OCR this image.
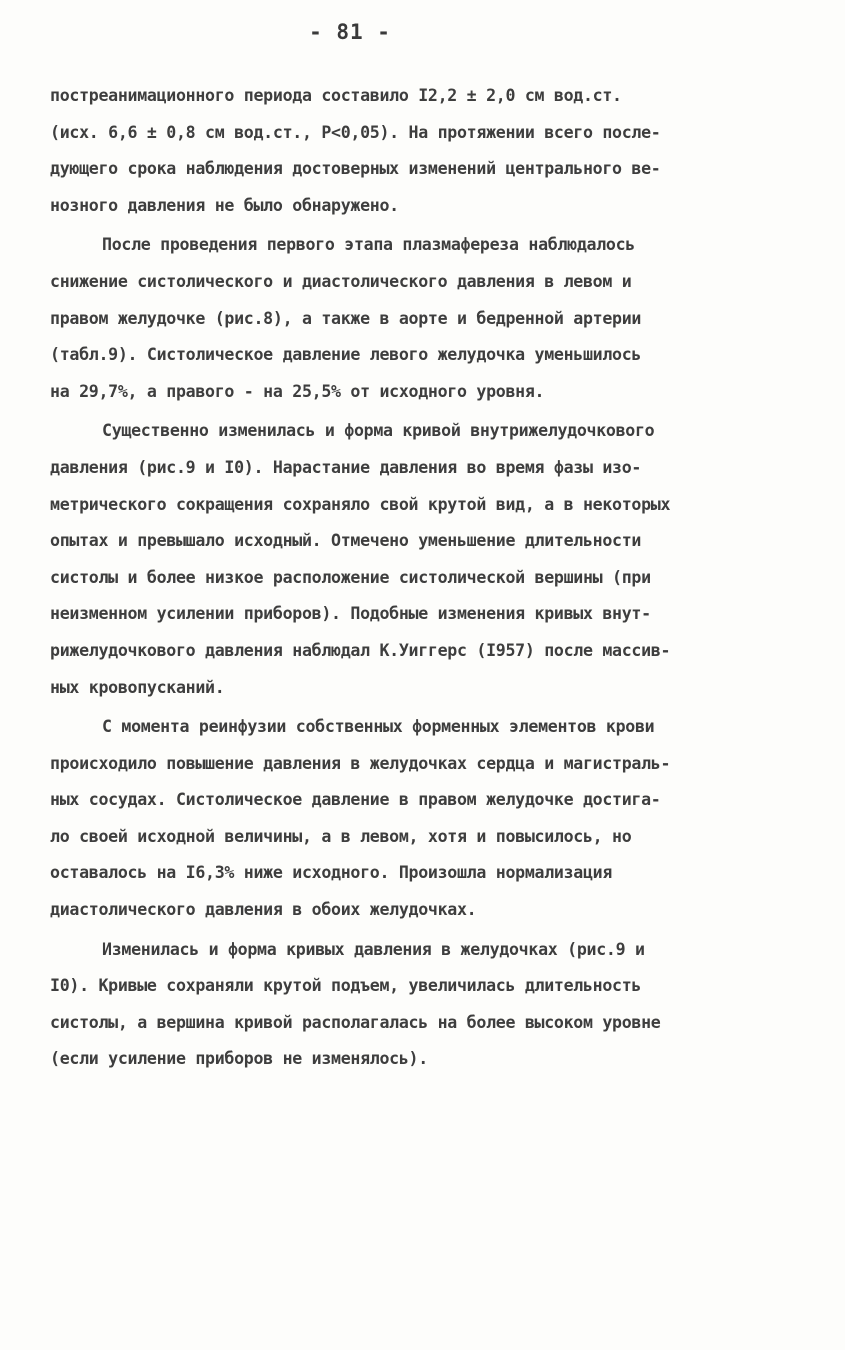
- 81 -
постреанимационного периода составило I2,2 ± 2,0 см вод.ст.
(исх. 6,6 ± 0,8 см вод.ст., P<0,05). На протяжении всего после-
дующего срока наблюдения достоверных изменений центрального ве-
нозного давления не было обнаружено.
После проведения первого этапа плазмафереза наблюдалось
снижение систолического и диастолического давления в левом и
правом желудочке (рис.8), а также в аорте и бедренной артерии
(табл.9). Систолическое давление левого желудочка уменьшилось
на 29,7%, а правого - на 25,5% от исходного уровня.
Существенно изменилась и форма кривой внутрижелудочкового
давления (рис.9 и I0). Нарастание давления во время фазы изо-
метрического сокращения сохраняло свой крутой вид, а в некоторых
опытах и превышало исходный. Отмечено уменьшение длительности
систолы и более низкое расположение систолической вершины (при
неизменном усилении приборов). Подобные изменения кривых внут-
рижелудочкового давления наблюдал К.Уиггерс (I957) после массив-
ных кровопусканий.
С момента реинфузии собственных форменных элементов крови
происходило повышение давления в желудочках сердца и магистраль-
ных сосудах. Систолическое давление в правом желудочке достига-
ло своей исходной величины, а в левом, хотя и повысилось, но
оставалось на I6,3% ниже исходного. Произошла нормализация
диастолического давления в обоих желудочках.
Изменилась и форма кривых давления в желудочках (рис.9 и
I0). Кривые сохраняли крутой подъем, увеличилась длительность
систолы, а вершина кривой располагалась на более высоком уровне
(если усиление приборов не изменялось).
